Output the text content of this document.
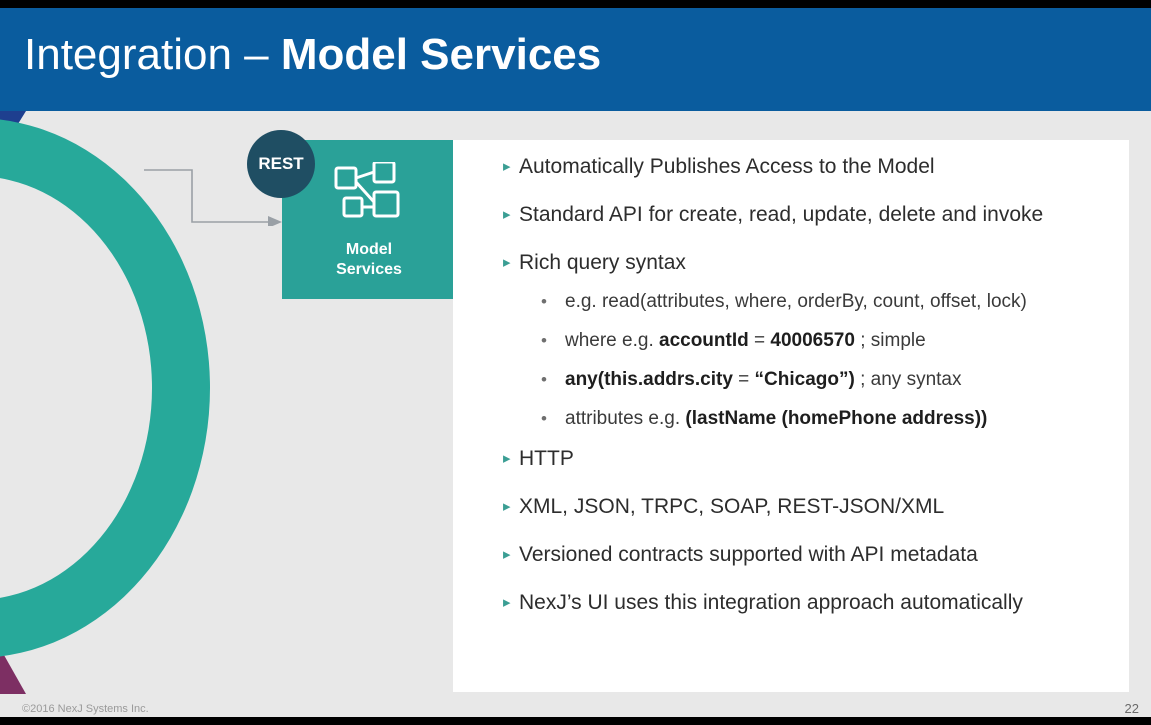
Integration – Model Services
Model
Services
REST	▸ Automatically Publishes Access to the Model

▸ Standard API for create, read, update, delete and invoke

▸ Rich query syntax

• e.g. read(attributes, where, orderBy, count, offset, lock)

• where e.g. accountId = 40006570 ; simple

• any(this.addrs.city = “Chicago”) ; any syntax

• attributes e.g. (lastName (homePhone address))

▸ HTTP

▸ XML, JSON, TRPC, SOAP, REST-JSON/XML

▸ Versioned contracts supported with API metadata

▸ NexJ’s UI uses this integration approach automatically

©2016 NexJ Systems Inc.	22
